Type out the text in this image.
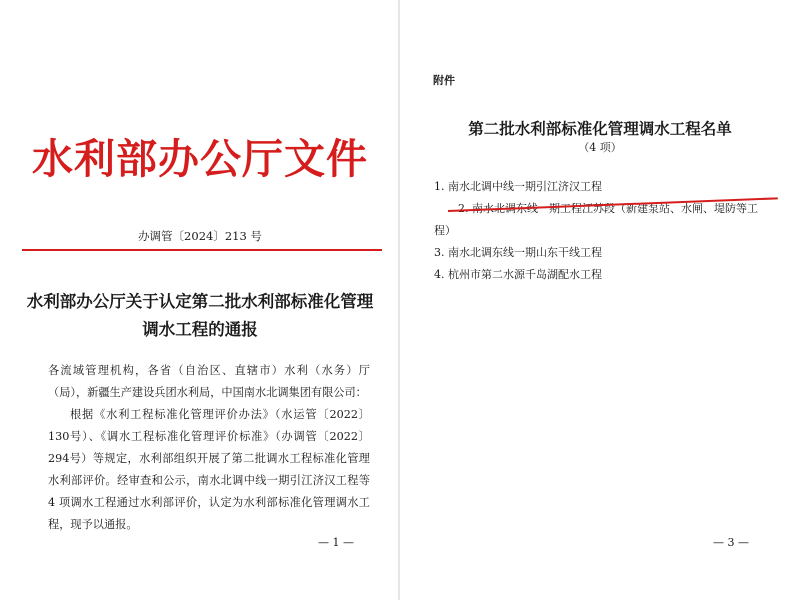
水利部办公厅文件
办调管〔2024〕213 号
水利部办公厅关于认定第二批水利部标准化管理
调水工程的通报

各流域管理机构，各省（自治区、直辖市）水利（水务）厅（局），新疆生产建设兵团水利局，中国南水北调集团有限公司：

根据《水利工程标准化管理评价办法》（水运管〔2022〕130号）、《调水工程标准化管理评价标准》（办调管〔2022〕294号）等规定，水利部组织开展了第二批调水工程标准化管理水利部评价。经审查和公示，南水北调中线一期引江济汉工程等 4 项调水工程通过水利部评价，认定为水利部标准化管理调水工程，现予以通报。

— 1 —
附件
第二批水利部标准化管理调水工程名单
（4 项）
1. 南水北调中线一期引江济汉工程
2. 南水北调东线一期工程江苏段（新建泵站、水闸、堤防等工程）
3. 南水北调东线一期山东干线工程
4. 杭州市第二水源千岛湖配水工程
— 3 —
